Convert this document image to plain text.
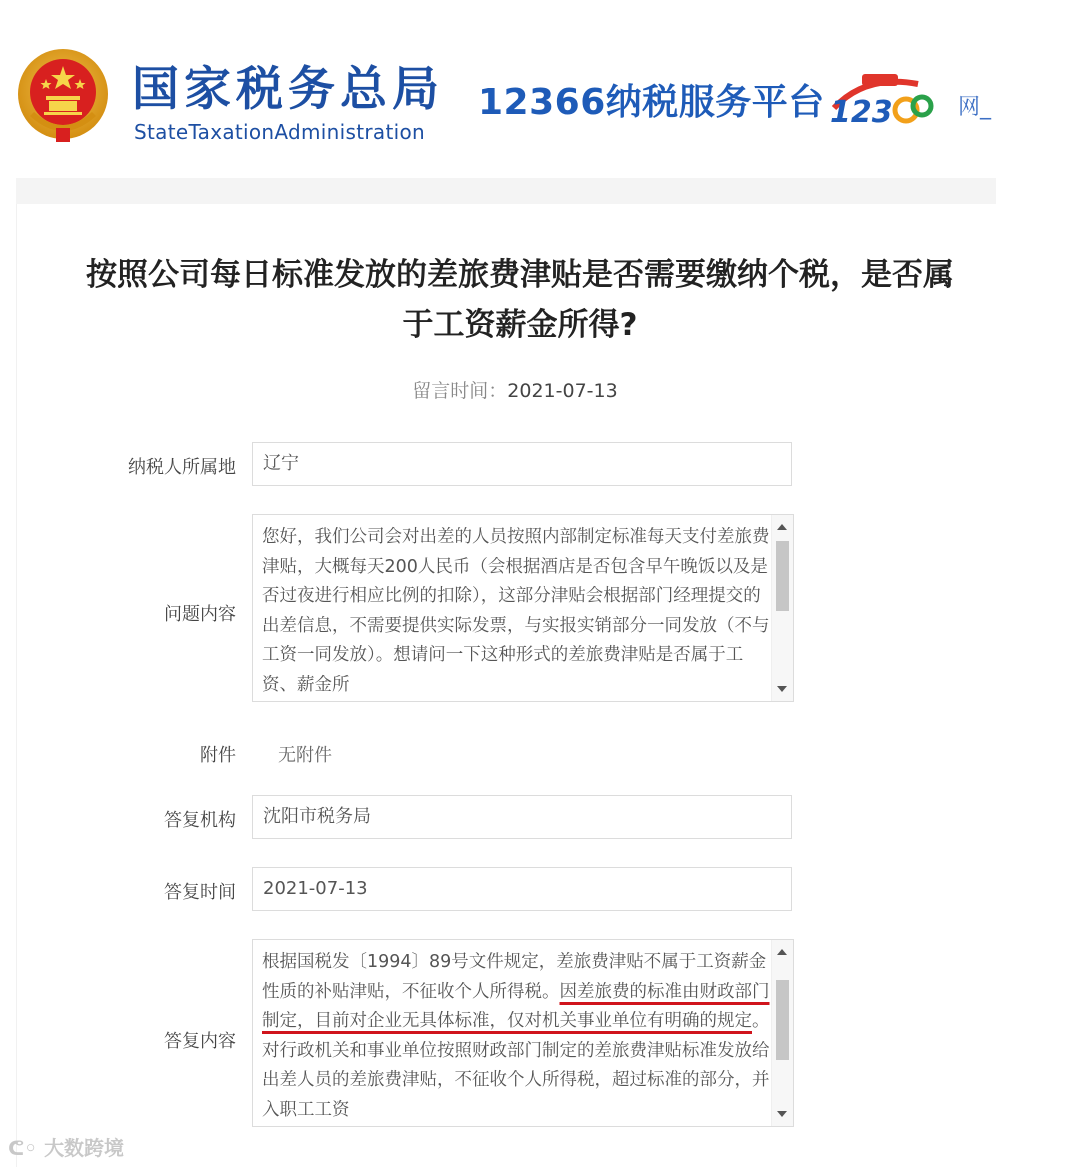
国家税务总局
StateTaxationAdministration
12366纳税服务平台 123	网_
按照公司每日标准发放的差旅费津贴是否需要缴纳个税，是否属
于工资薪金所得?
留言时间：2021-07-13
纳税人所属地	辽宁
问题内容
您好，我们公司会对出差的人员按照内部制定标准每天支付差旅费津贴，大概每天200人民币（会根据酒店是否包含早午晚饭以及是否过夜进行相应比例的扣除），这部分津贴会根据部门经理提交的出差信息，不需要提供实际发票，与实报实销部分一同发放（不与工资一同发放）。想请问一下这种形式的差旅费津贴是否属于工资、薪金所
附件 无附件
答复机构	沈阳市税务局
答复时间	2021-07-13
答复内容
根据国税发〔1994〕89号文件规定，差旅费津贴不属于工资薪金性质的补贴津贴，不征收个人所得税。因差旅费的标准由财政部门制定，目前对企业无具体标准，仅对机关事业单位有明确的规定。对行政机关和事业单位按照财政部门制定的差旅费津贴标准发放给出差人员的差旅费津贴，不征收个人所得税，超过标准的部分，并入职工工资
ᕦ◦ 大数跨境
